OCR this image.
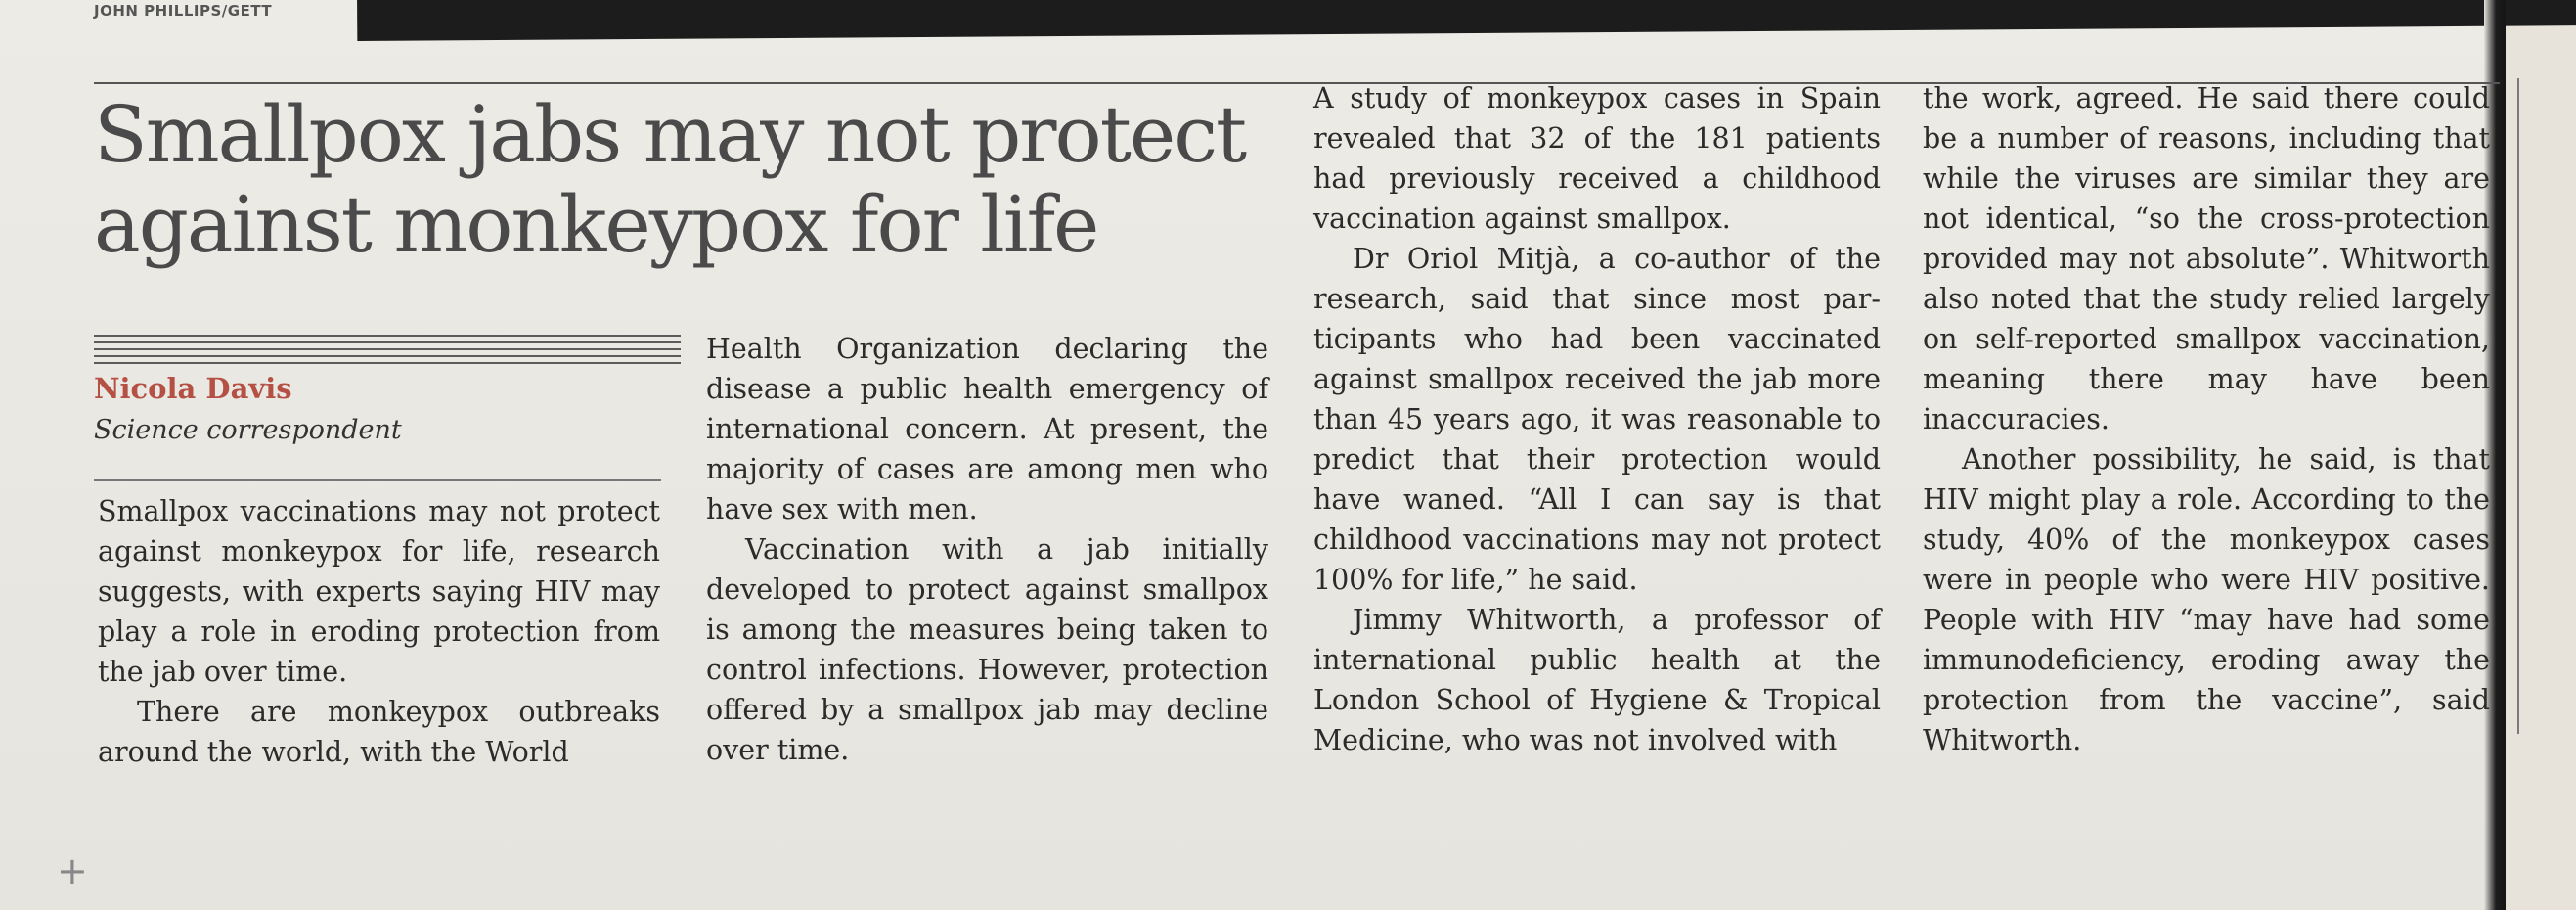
JOHN PHILLIPS/GETT
Smallpox jabs may not protect against monkeypox for life
Nicola Davis
Science correspondent

Smallpox vaccinations may not protect against monkeypox for life, research suggests, with experts saying HIV may play a role in eroding protection from the jab over time.

There are monkeypox outbreaks around the world, with the World

Health Organization declaring the disease a public health emergency of international concern. At present, the majority of cases are among men who have sex with men.

Vaccination with a jab initially developed to protect against smallpox is among the measures being taken to control infections. However, protection offered by a smallpox jab may decline over time.

A study of monkeypox cases in Spain revealed that 32 of the 181 patients had previously received a childhood vaccination against smallpox.

Dr Oriol Mitjà, a co-author of the research, said that since most participants who had been vaccinated against smallpox received the jab more than 45 years ago, it was reasonable to predict that their protection would have waned. “All I can say is that childhood vaccinations may not protect 100% for life,” he said.

Jimmy Whitworth, a professor of international public health at the London School of Hygiene & Tropical Medicine, who was not involved with

the work, agreed. He said there could be a number of reasons, including that while the viruses are similar they are not identical, “so the cross-protection provided may not absolute”. Whitworth also noted that the study relied largely on self-reported smallpox vaccination, meaning there may have been inaccuracies.

Another possibility, he said, is that HIV might play a role. According to the study, 40% of the monkeypox cases were in people who were HIV positive. People with HIV “may have had some immunodeficiency, eroding away the protection from the vaccine”, said Whitworth.

+
